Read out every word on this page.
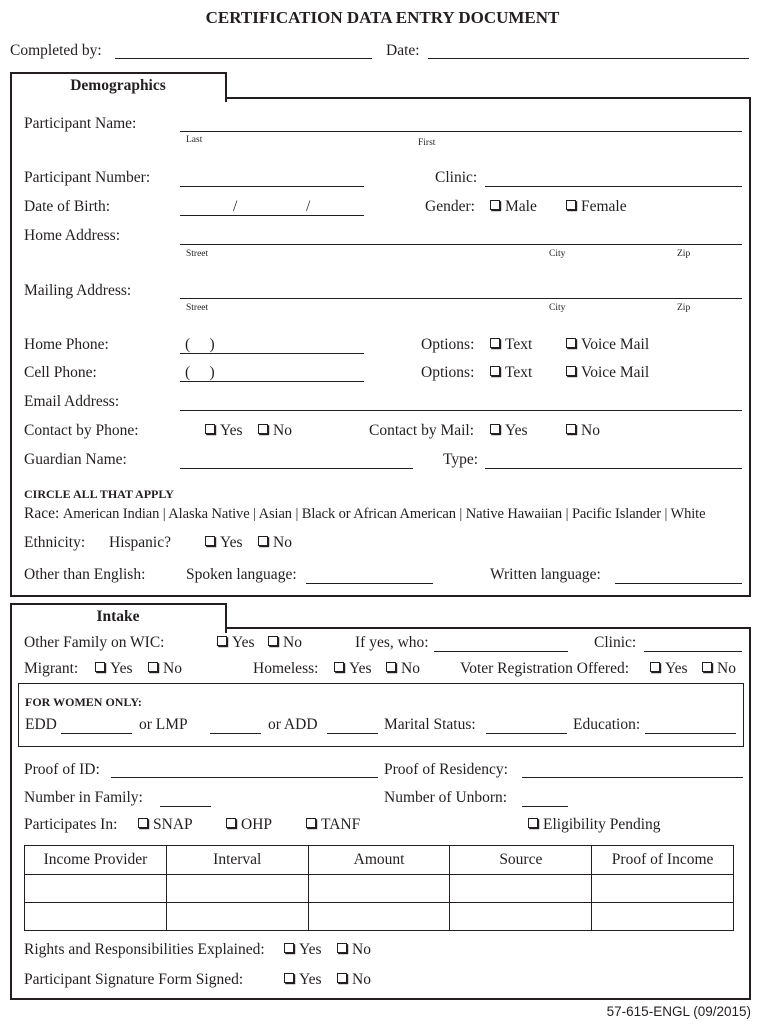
CERTIFICATION DATA ENTRY DOCUMENT
Completed by:	Date:
Demographics
Participant Name:
Last	First
Participant Number:	Clinic:
Date of Birth:	/	/	Gender:	Male	Female
Home Address:
Street	City	Zip
Mailing Address:
Street	City	Zip
Home Phone:	(     )	Options:	Text	Voice Mail
Cell Phone:	(     )	Options:	Text	Voice Mail
Email Address:
Contact by Phone:	Yes	No	Contact by Mail:	Yes	No
Guardian Name:	Type:
CIRCLE ALL THAT APPLY
Race: American Indian | Alaska Native | Asian | Black or African American | Native Hawaiian | Pacific Islander | White
Ethnicity: Hispanic?	Yes	No
Other than English:	Spoken language:	Written language:
Intake
Other Family on WIC:	Yes	No	If yes, who:	Clinic:
Migrant:	Yes	No	Homeless:	Yes	No	Voter Registration Offered:	Yes	No
FOR WOMEN ONLY:
EDD	or LMP	or ADD	Marital Status:	Education:
Proof of ID:	Proof of Residency:
Number in Family:	Number of Unborn:
Participates In:	SNAP	OHP	TANF	Eligibility Pending
Income Provider	Interval	Amount	Source	Proof of Income

Rights and Responsibilities Explained:	Yes	No
Participant Signature Form Signed:	Yes	No
57-615-ENGL (09/2015)
